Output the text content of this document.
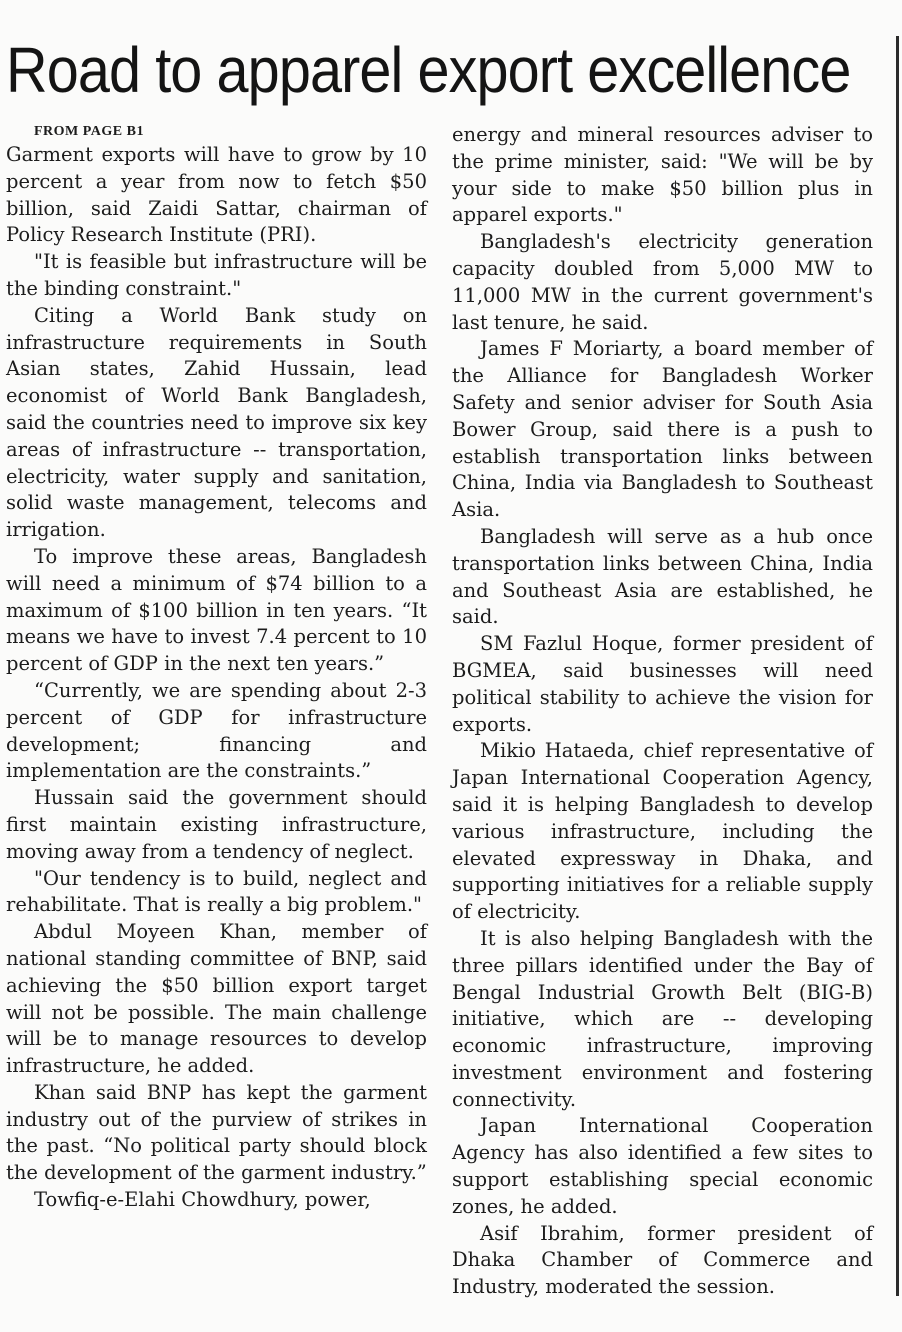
Road to apparel export excellence

FROM PAGE B1

Garment exports will have to grow by 10 percent a year from now to fetch $50 billion, said Zaidi Sattar, chairman of Policy Research Institute (PRI).

"It is feasible but infrastructure will be the binding constraint."

Citing a World Bank study on infrastructure requirements in South Asian states, Zahid Hussain, lead economist of World Bank Bangladesh, said the countries need to improve six key areas of infrastructure -- transportation, electricity, water supply and sanitation, solid waste management, telecoms and irrigation.

To improve these areas, Bangladesh will need a minimum of $74 billion to a maximum of $100 billion in ten years. “It means we have to invest 7.4 percent to 10 percent of GDP in the next ten years.”

“Currently, we are spending about 2-3 percent of GDP for infrastructure development; financing and implementation are the constraints.”

Hussain said the government should first maintain existing infrastructure, moving away from a tendency of neglect.

"Our tendency is to build, neglect and rehabilitate. That is really a big problem."

Abdul Moyeen Khan, member of national standing committee of BNP, said achieving the $50 billion export target will not be possible. The main challenge will be to manage resources to develop infrastructure, he added.

Khan said BNP has kept the garment industry out of the purview of strikes in the past. “No political party should block the development of the garment industry.”

Towfiq-e-Elahi Chowdhury, power,

energy and mineral resources adviser to the prime minister, said: "We will be by your side to make $50 billion plus in apparel exports."

Bangladesh's electricity generation capacity doubled from 5,000 MW to 11,000 MW in the current government's last tenure, he said.

James F Moriarty, a board member of the Alliance for Bangladesh Worker Safety and senior adviser for South Asia Bower Group, said there is a push to establish transportation links between China, India via Bangladesh to Southeast Asia.

Bangladesh will serve as a hub once transportation links between China, India and Southeast Asia are established, he said.

SM Fazlul Hoque, former president of BGMEA, said businesses will need political stability to achieve the vision for exports.

Mikio Hataeda, chief representative of Japan International Cooperation Agency, said it is helping Bangladesh to develop various infrastructure, including the elevated expressway in Dhaka, and supporting initiatives for a reliable supply of electricity.

It is also helping Bangladesh with the three pillars identified under the Bay of Bengal Industrial Growth Belt (BIG-B) initiative, which are -- developing economic infrastructure, improving investment environment and fostering connectivity.

Japan International Cooperation Agency has also identified a few sites to support establishing special economic zones, he added.

Asif Ibrahim, former president of Dhaka Chamber of Commerce and Industry, moderated the session.
